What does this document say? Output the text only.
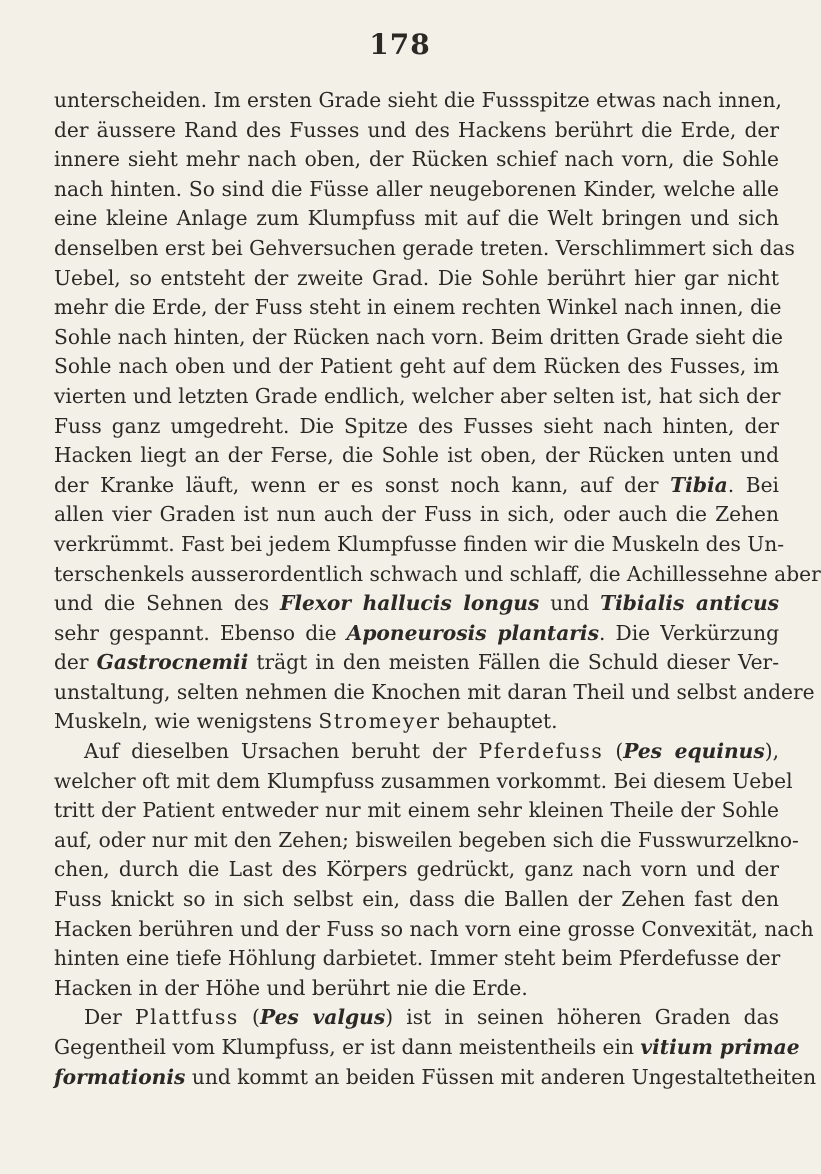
178
unterscheiden. Im ersten Grade sieht die Fussspitze etwas nach innen,
der äussere Rand des Fusses und des Hackens berührt die Erde, der
innere sieht mehr nach oben, der Rücken schief nach vorn, die Sohle
nach hinten. So sind die Füsse aller neugeborenen Kinder, welche alle
eine kleine Anlage zum Klumpfuss mit auf die Welt bringen und sich
denselben erst bei Gehversuchen gerade treten. Verschlimmert sich das
Uebel, so entsteht der zweite Grad. Die Sohle berührt hier gar nicht
mehr die Erde, der Fuss steht in einem rechten Winkel nach innen, die
Sohle nach hinten, der Rücken nach vorn. Beim dritten Grade sieht die
Sohle nach oben und der Patient geht auf dem Rücken des Fusses, im
vierten und letzten Grade endlich, welcher aber selten ist, hat sich der
Fuss ganz umgedreht. Die Spitze des Fusses sieht nach hinten, der
Hacken liegt an der Ferse, die Sohle ist oben, der Rücken unten und
der Kranke läuft, wenn er es sonst noch kann, auf der Tibia. Bei
allen vier Graden ist nun auch der Fuss in sich, oder auch die Zehen
verkrümmt. Fast bei jedem Klumpfusse finden wir die Muskeln des Un-
terschenkels ausserordentlich schwach und schlaff, die Achillessehne aber
und die Sehnen des Flexor hallucis longus und Tibialis anticus
sehr gespannt. Ebenso die Aponeurosis plantaris. Die Verkürzung
der Gastrocnemii trägt in den meisten Fällen die Schuld dieser Ver-
unstaltung, selten nehmen die Knochen mit daran Theil und selbst andere
Muskeln, wie wenigstens Stromeyer behauptet.
Auf dieselben Ursachen beruht der Pferdefuss (Pes equinus),
welcher oft mit dem Klumpfuss zusammen vorkommt. Bei diesem Uebel
tritt der Patient entweder nur mit einem sehr kleinen Theile der Sohle
auf, oder nur mit den Zehen; bisweilen begeben sich die Fusswurzelkno-
chen, durch die Last des Körpers gedrückt, ganz nach vorn und der
Fuss knickt so in sich selbst ein, dass die Ballen der Zehen fast den
Hacken berühren und der Fuss so nach vorn eine grosse Convexität, nach
hinten eine tiefe Höhlung darbietet. Immer steht beim Pferdefusse der
Hacken in der Höhe und berührt nie die Erde.
Der Plattfuss (Pes valgus) ist in seinen höheren Graden das
Gegentheil vom Klumpfuss, er ist dann meistentheils ein vitium primae
formationis und kommt an beiden Füssen mit anderen Ungestaltetheiten
